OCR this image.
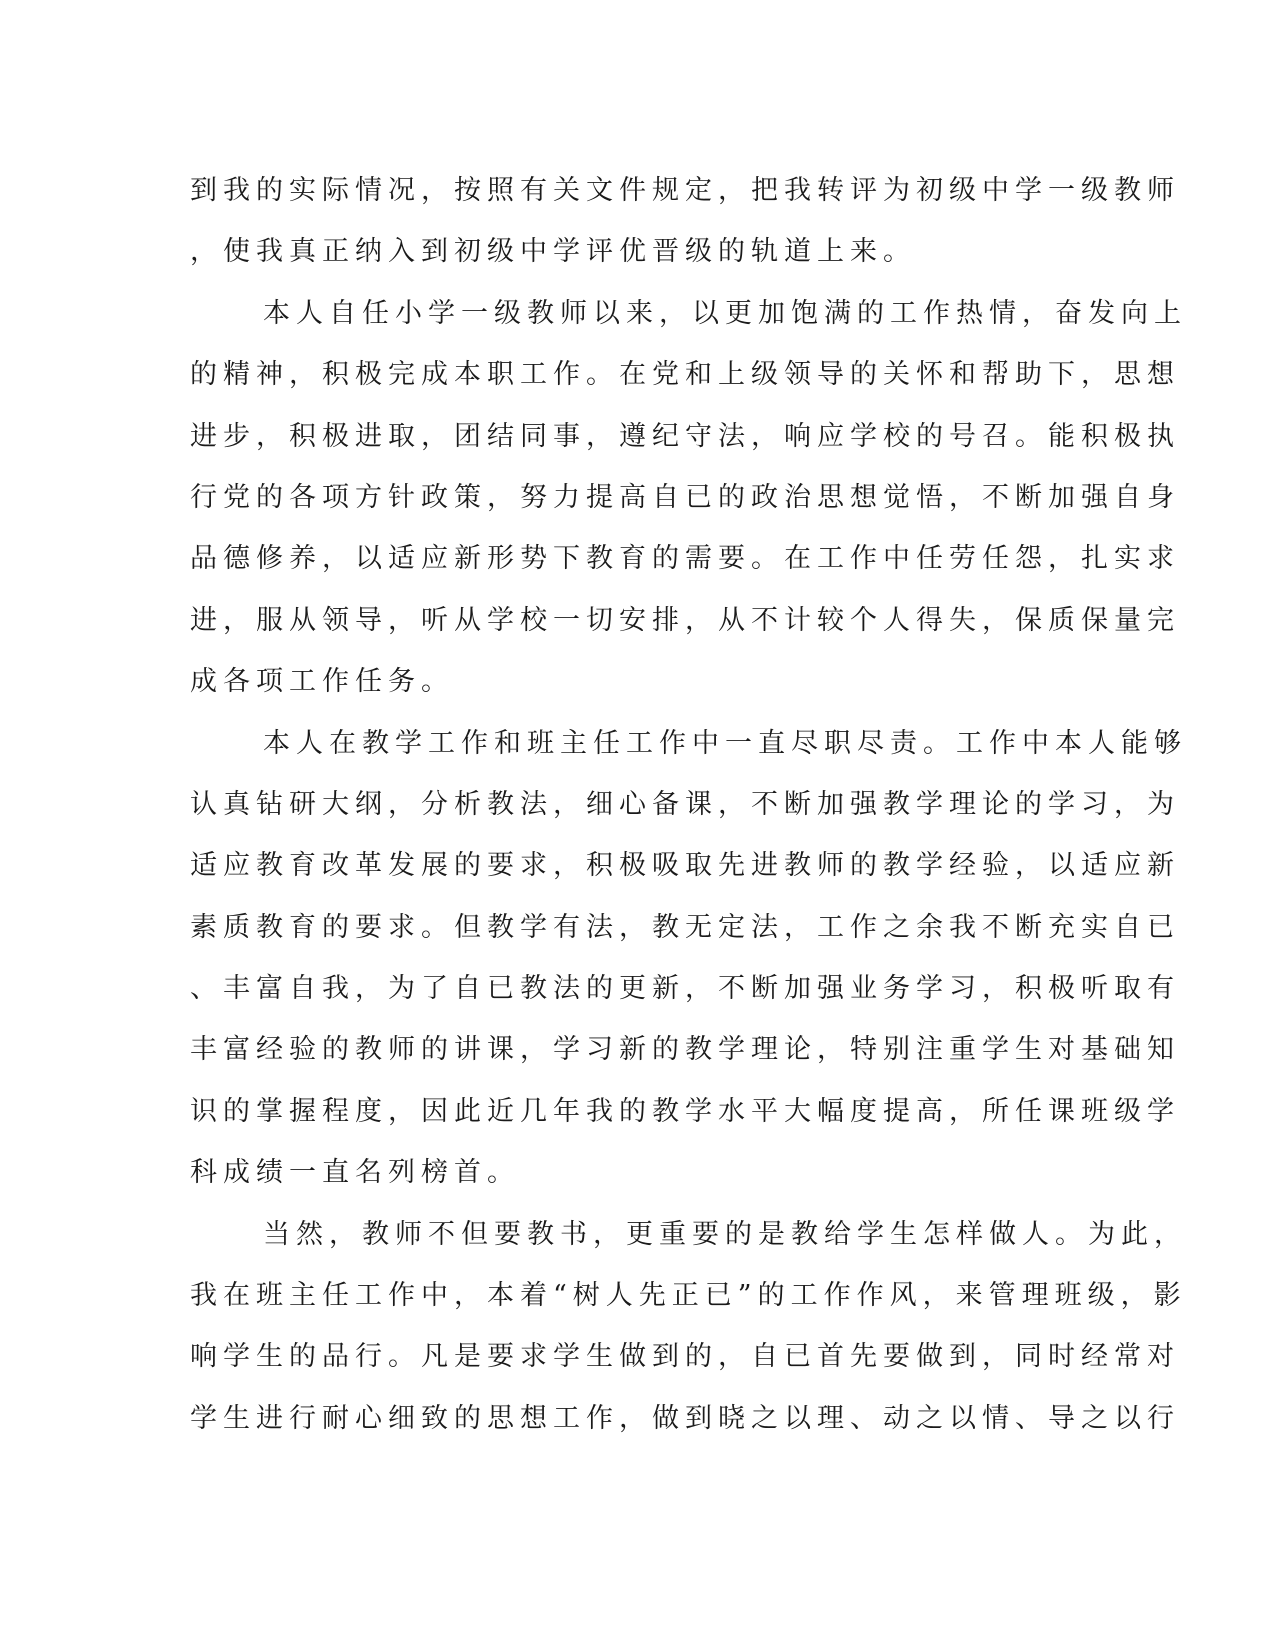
到我的实际情况，按照有关文件规定，把我转评为初级中学一级教师
，使我真正纳入到初级中学评优晋级的轨道上来。
本人自任小学一级教师以来，以更加饱满的工作热情，奋发向上
的精神，积极完成本职工作。在党和上级领导的关怀和帮助下，思想
进步，积极进取，团结同事，遵纪守法，响应学校的号召。能积极执
行党的各项方针政策，努力提高自已的政治思想觉悟，不断加强自身
品德修养，以适应新形势下教育的需要。在工作中任劳任怨，扎实求
进，服从领导，听从学校一切安排，从不计较个人得失，保质保量完
成各项工作任务。
本人在教学工作和班主任工作中一直尽职尽责。工作中本人能够
认真钻研大纲，分析教法，细心备课，不断加强教学理论的学习，为
适应教育改革发展的要求，积极吸取先进教师的教学经验，以适应新
素质教育的要求。但教学有法，教无定法，工作之余我不断充实自已
、丰富自我，为了自已教法的更新，不断加强业务学习，积极听取有
丰富经验的教师的讲课，学习新的教学理论，特别注重学生对基础知
识的掌握程度，因此近几年我的教学水平大幅度提高，所任课班级学
科成绩一直名列榜首。
当然，教师不但要教书，更重要的是教给学生怎样做人。为此，
我在班主任工作中，本着“树人先正已”的工作作风，来管理班级，影
响学生的品行。凡是要求学生做到的，自已首先要做到，同时经常对
学生进行耐心细致的思想工作，做到晓之以理、动之以情、导之以行
